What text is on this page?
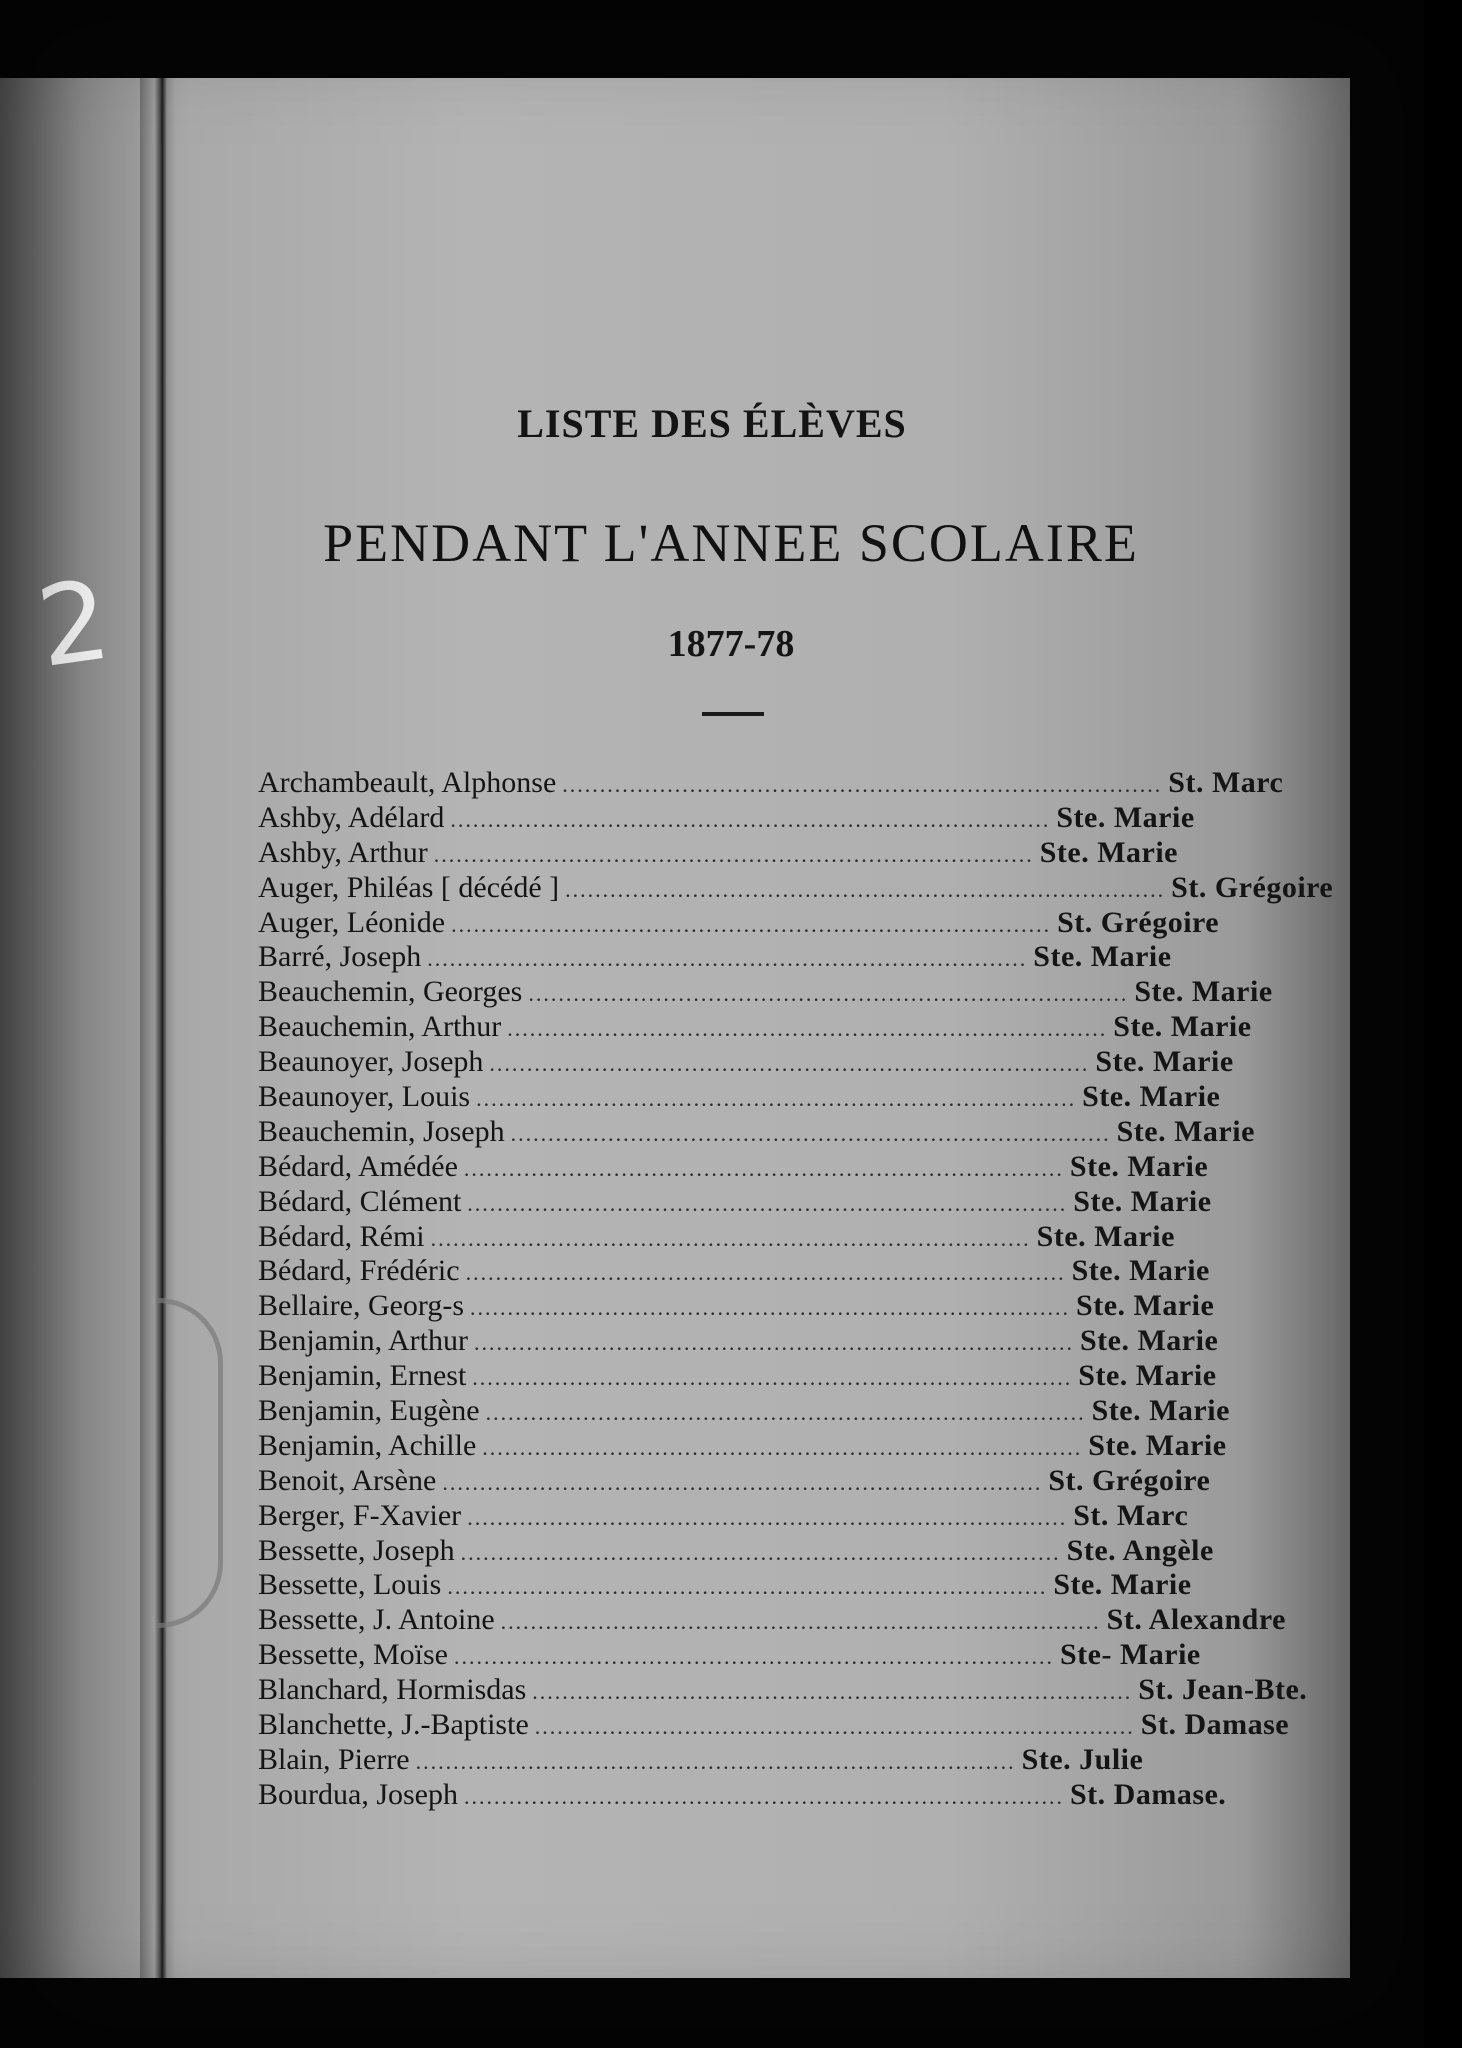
2
LISTE DES ÉLÈVES
PENDANT L'ANNEE SCOLAIRE
1877-78
Archambeault, Alphonse ................................................................................ St. Marc
Ashby, Adélard ................................................................................ Ste. Marie
Ashby, Arthur ................................................................................ Ste. Marie
Auger, Philéas [ décédé ] ................................................................................ St. Grégoire
Auger, Léonide ................................................................................ St. Grégoire
Barré, Joseph ................................................................................ Ste. Marie
Beauchemin, Georges ................................................................................ Ste. Marie
Beauchemin, Arthur ................................................................................ Ste. Marie
Beaunoyer, Joseph ................................................................................ Ste. Marie
Beaunoyer, Louis ................................................................................ Ste. Marie
Beauchemin, Joseph ................................................................................ Ste. Marie
Bédard, Amédée ................................................................................ Ste. Marie
Bédard, Clément ................................................................................ Ste. Marie
Bédard, Rémi ................................................................................ Ste. Marie
Bédard, Frédéric ................................................................................ Ste. Marie
Bellaire, Georg-s ................................................................................ Ste. Marie
Benjamin, Arthur ................................................................................ Ste. Marie
Benjamin, Ernest ................................................................................ Ste. Marie
Benjamin, Eugène ................................................................................ Ste. Marie
Benjamin, Achille ................................................................................ Ste. Marie
Benoit, Arsène ................................................................................ St. Grégoire
Berger, F-Xavier ................................................................................ St. Marc
Bessette, Joseph ................................................................................ Ste. Angèle
Bessette, Louis ................................................................................ Ste. Marie
Bessette, J. Antoine ................................................................................ St. Alexandre
Bessette, Moïse ................................................................................ Ste- Marie
Blanchard, Hormisdas ................................................................................ St. Jean-Bte.
Blanchette, J.-Baptiste ................................................................................ St. Damase
Blain, Pierre ................................................................................ Ste. Julie
Bourdua, Joseph ................................................................................ St. Damase.
